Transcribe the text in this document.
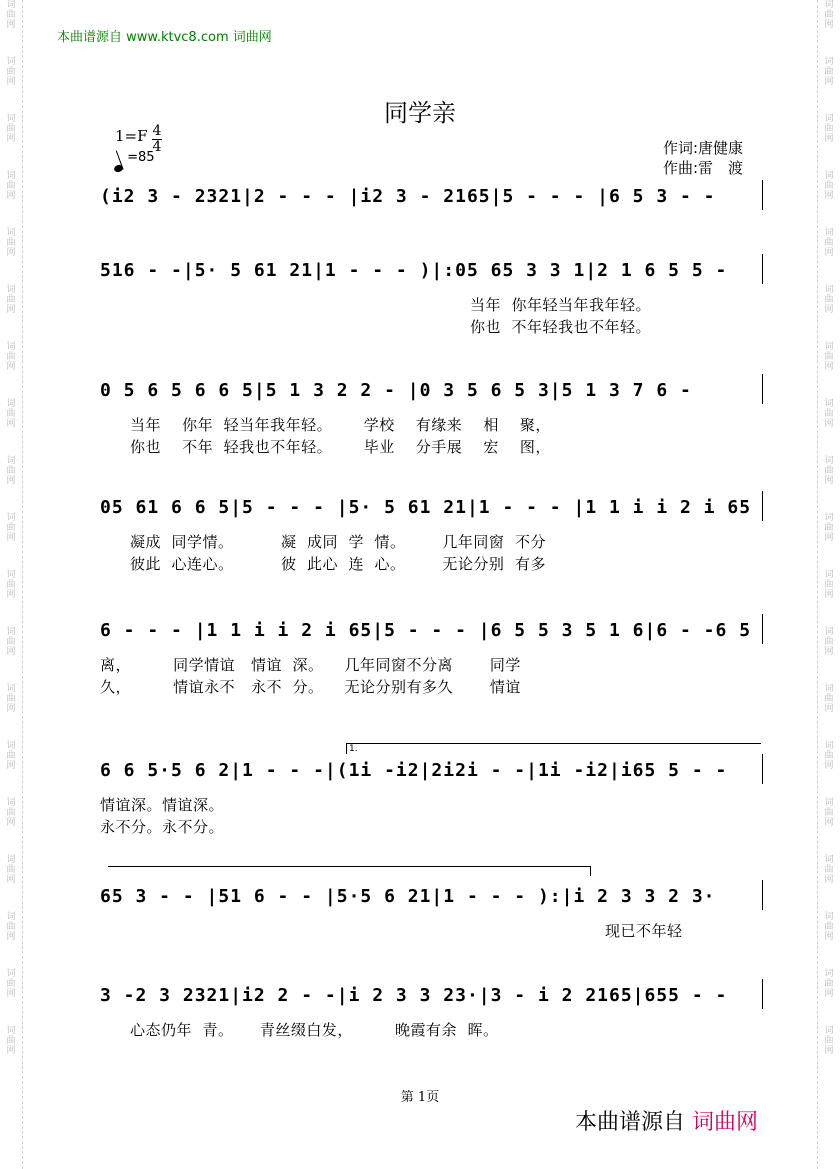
词
曲
网
词
曲
网
词
曲
网
词
曲
网
词
曲
网
词
曲
网
词
曲
网
词
曲
网
词
曲
网
词
曲
网
词
曲
网
词
曲
网
词
曲
网
词
曲
网
词
曲
网
词
曲
网
词
曲
网
词
曲
网
词
曲
网
词
曲
网
词
曲
网
词
曲
网
词
曲
网
词
曲
网
词
曲
网
词
曲
网
词
曲
网
词
曲
网
词
曲
网
词
曲
网
词
曲
网
词
曲
网
词
曲
网
词
曲
网
词
曲
网
词
曲
网
词
曲
网
词
曲
网
本曲谱源自 www.ktvc8.com 词曲网
同学亲
1=F 4
4
=85
作词:唐健康
作曲:雷　渡
1.
(i2 3 - 2321|2 - - - |i2 3 - 2165|5 - - - |6 5 3 - -
516 - -|5· 5 61 21|1 - - - )|:05 65 3 3 1|2 1 6 5 5 -
当年  你年轻当年我年轻。
你也  不年轻我也不年轻。
0 5 6 5 6 6 5|5 1 3 2 2 - |0 3 5 6 5 3|5 1 3 7 6 -
当年    你年  轻当年我年轻。      学校    有缘来    相    聚，
你也    不年  轻我也不年轻。      毕业    分手展    宏    图，
05 61 6 6 5|5 - - - |5· 5 61 21|1 - - - |1 1 i i 2 i 65
凝成  同学情。         凝  成同  学  情。       几年同窗  不分
彼此  心连心。         彼  此心  连  心。       无论分别  有多
6 - - - |1 1 i i 2 i 65|5 - - - |6 5 5 3 5 1 6|6 - -6 5
离，        同学情谊   情谊  深。    几年同窗不分离       同学
久，        情谊永不   永不  分。    无论分别有多久       情谊
6 6 5·5 6 2|1 - - -|(1i -i2|2i2i - -|1i -i2|i65 5 - -
情谊深。情谊深。
永不分。永不分。
65 3 - - |51 6 - - |5·5 6 21|1 - - - ):|i 2 3 3 2 3·
现已不年轻
3 -2 3 2321|i2 2 - -|i 2 3 3 23·|3 - i 2 2165|655 - -
心态仍年  青。     青丝缀白发，        晚霞有余  晖。
第 1页
本曲谱源自 词曲网
